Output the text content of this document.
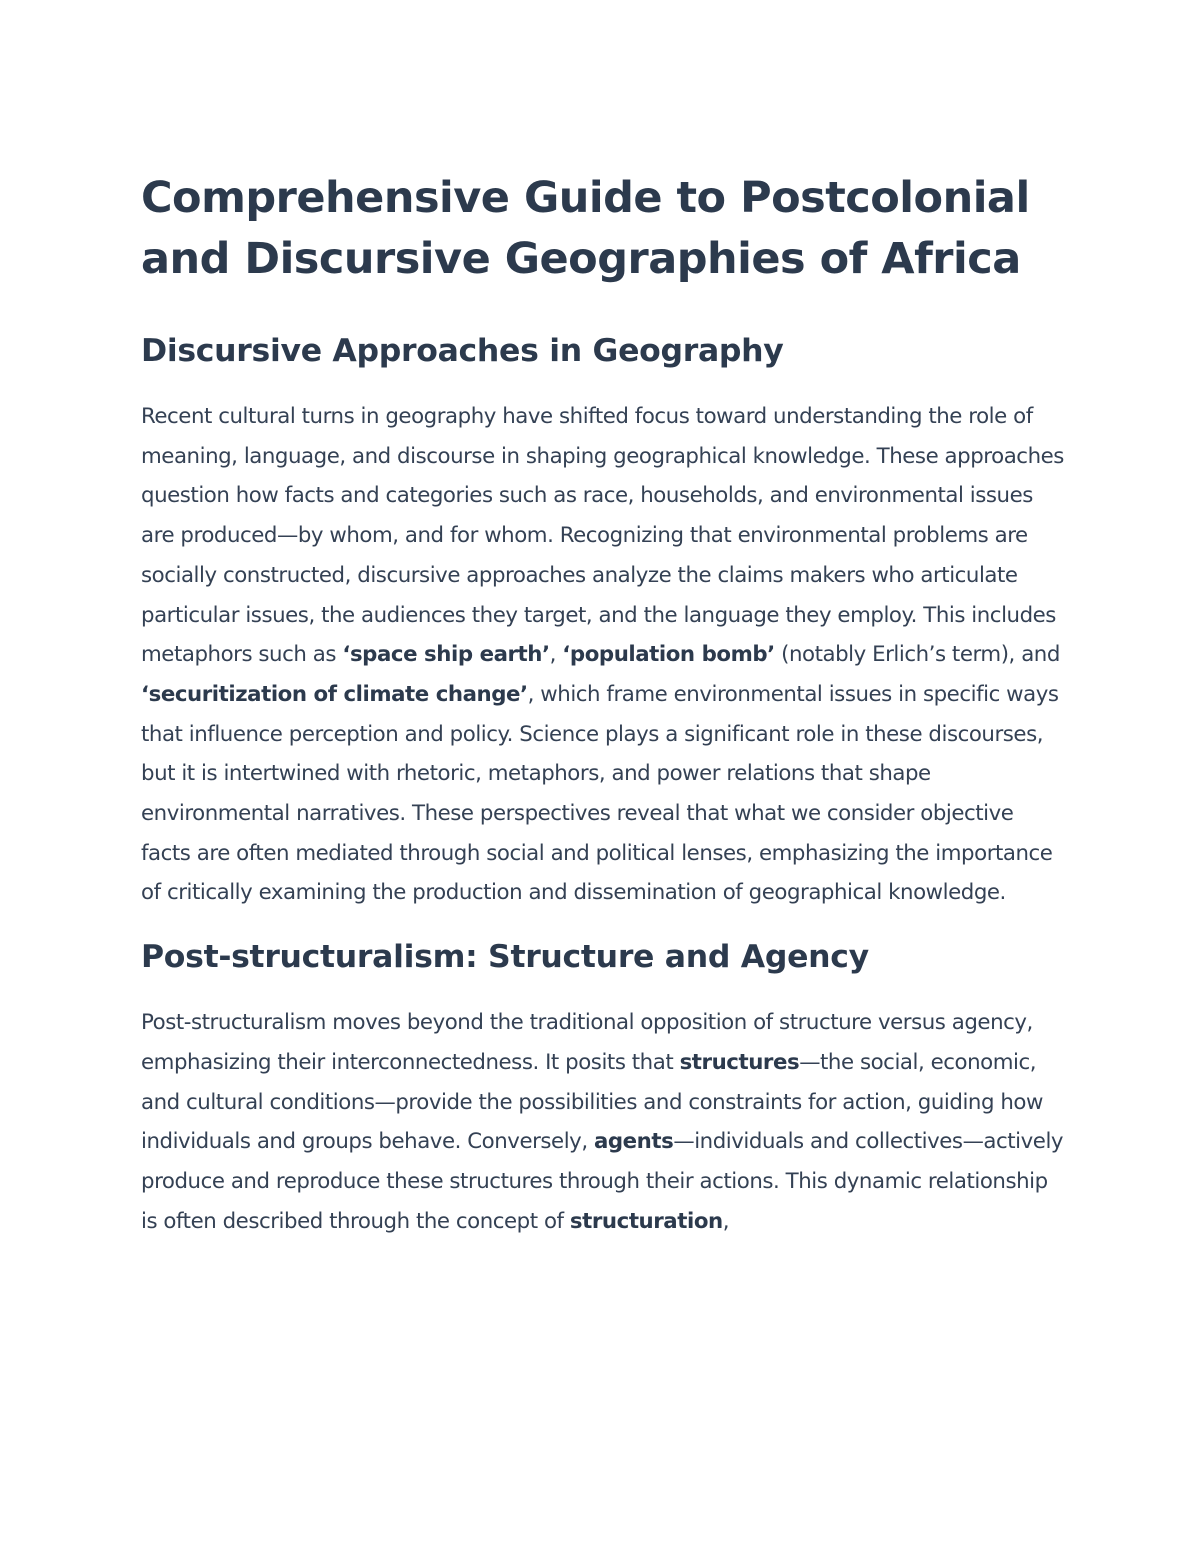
Comprehensive Guide to Postcolonial and Discursive Geographies of Africa
Discursive Approaches in Geography

Recent cultural turns in geography have shifted focus toward understanding the role of meaning, language, and discourse in shaping geographical knowledge. These approaches question how facts and categories such as race, households, and environmental issues are produced—by whom, and for whom. Recognizing that environmental problems are socially constructed, discursive approaches analyze the claims makers who articulate particular issues, the audiences they target, and the language they employ. This includes metaphors such as ‘space ship earth’, ‘population bomb’ (notably Erlich’s term), and ‘securitization of climate change’, which frame environmental issues in specific ways that influence perception and policy. Science plays a significant role in these discourses, but it is intertwined with rhetoric, metaphors, and power relations that shape environmental narratives. These perspectives reveal that what we consider objective facts are often mediated through social and political lenses, emphasizing the importance of critically examining the production and dissemination of geographical knowledge.

Post-structuralism: Structure and Agency

Post-structuralism moves beyond the traditional opposition of structure versus agency, emphasizing their interconnectedness. It posits that structures—the social, economic, and cultural conditions—provide the possibilities and constraints for action, guiding how individuals and groups behave. Conversely, agents—individuals and collectives—actively produce and reproduce these structures through their actions. This dynamic relationship is often described through the concept of structuration,
